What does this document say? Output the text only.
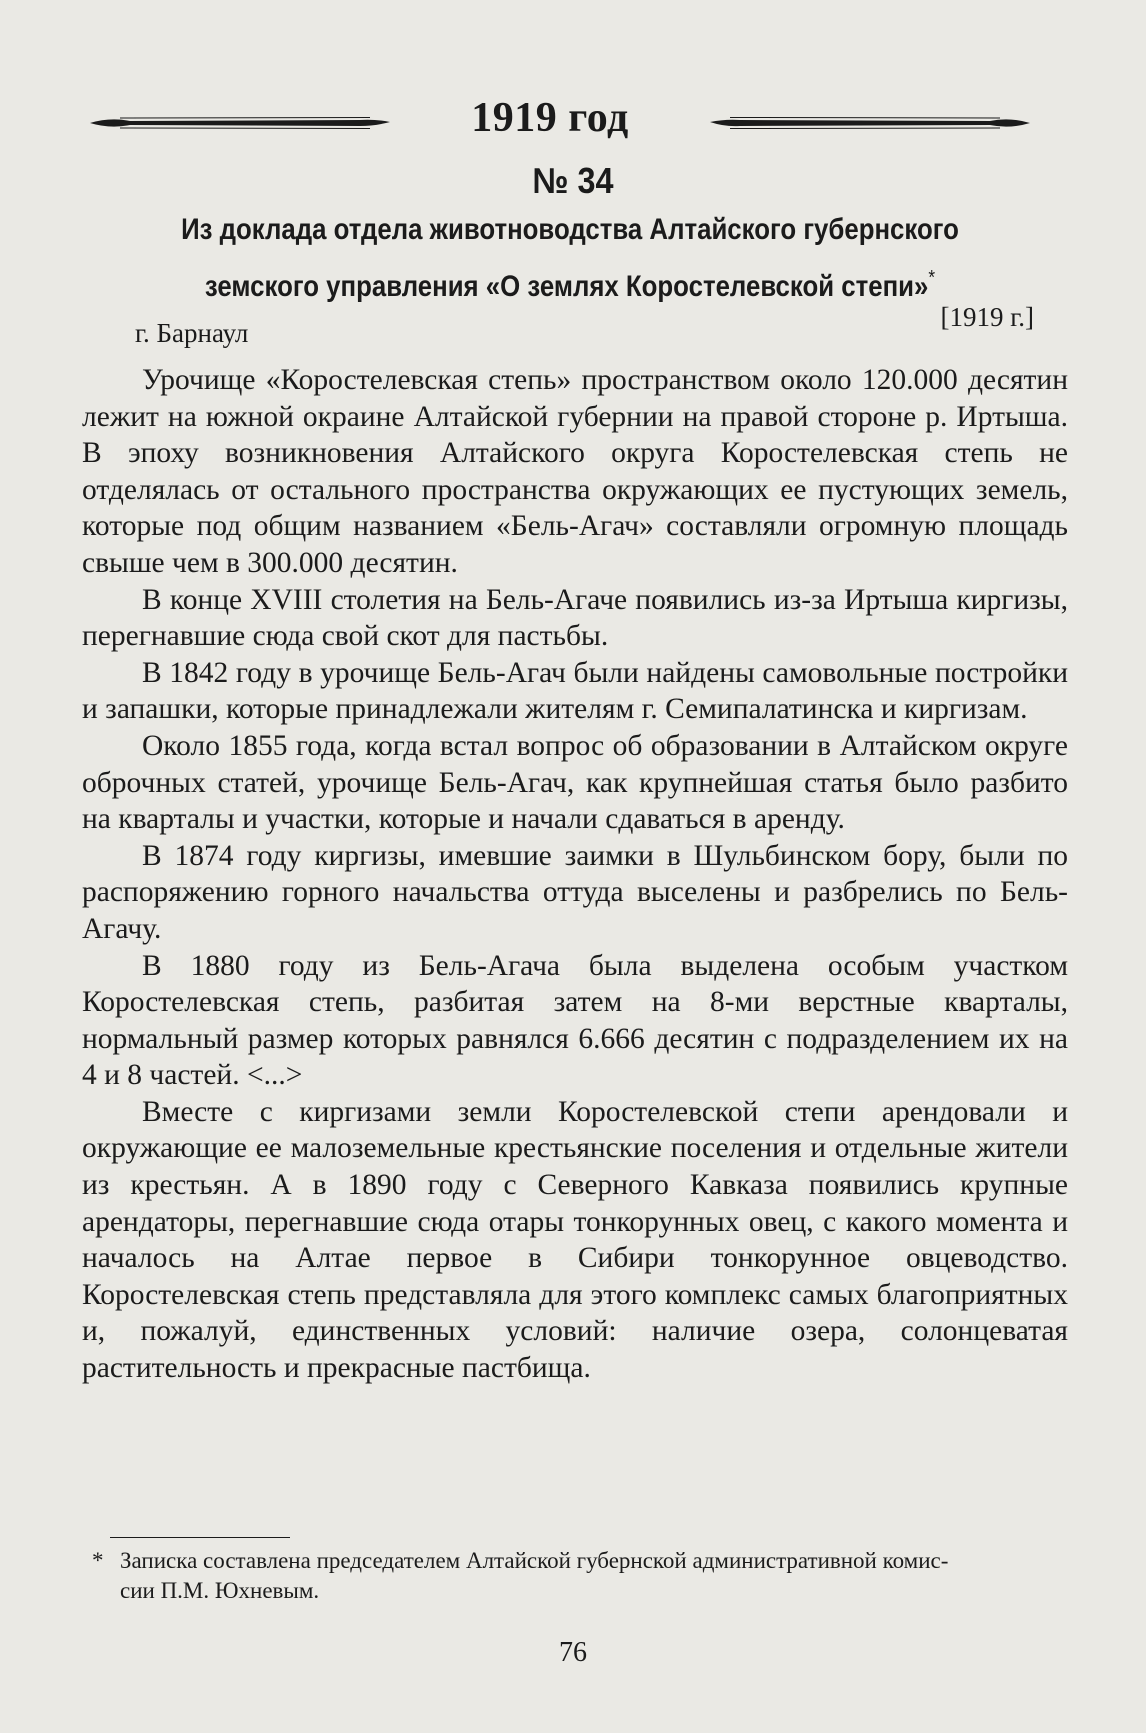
1919 год
№ 34
Из доклада отдела животноводства Алтайского губернского
земского управления «О землях Коростелевской степи»*
[1919 г.]
г. Барнаул

Урочище «Коростелевская степь» пространством около 120.000 десятин лежит на южной окраине Алтайской губернии на правой стороне р. Иртыша. В эпоху возникновения Алтайского округа Коростелевская степь не отделялась от остального пространства окружающих ее пустующих земель, которые под общим названием «Бель-Агач» составляли огромную площадь свыше чем в 300.000 десятин.

В конце XVIII столетия на Бель-Агаче появились из-за Иртыша киргизы, перегнавшие сюда свой скот для пастьбы.

В 1842 году в урочище Бель-Агач были найдены самовольные постройки и запашки, которые принадлежали жителям г. Семипалатинска и киргизам.

Около 1855 года, когда встал вопрос об образовании в Алтайском округе оброчных статей, урочище Бель-Агач, как крупнейшая статья было разбито на кварталы и участки, которые и начали сдаваться в аренду.

В 1874 году киргизы, имевшие заимки в Шульбинском бору, были по распоряжению горного начальства оттуда выселены и разбрелись по Бель-Агачу.

В 1880 году из Бель-Агача была выделена особым участком Коростелевская степь, разбитая затем на 8-ми верстные кварталы, нормальный размер которых равнялся 6.666 десятин с подразделением их на 4 и 8 частей. <...>

Вместе с киргизами земли Коростелевской степи арендовали и окружающие ее малоземельные крестьянские поселения и отдельные жители из крестьян. А в 1890 году с Северного Кавказа появились крупные арендаторы, перегнавшие сюда отары тонкорунных овец, с какого момента и началось на Алтае первое в Сибири тонкорунное овцеводство. Коростелевская степь представляла для этого комплекс самых благоприятных и, пожалуй, единственных условий: наличие озера, солонцеватая растительность и прекрасные пастбища.

* Записка составлена председателем Алтайской губернской административной комис-
сии П.М. Юхневым.
76
